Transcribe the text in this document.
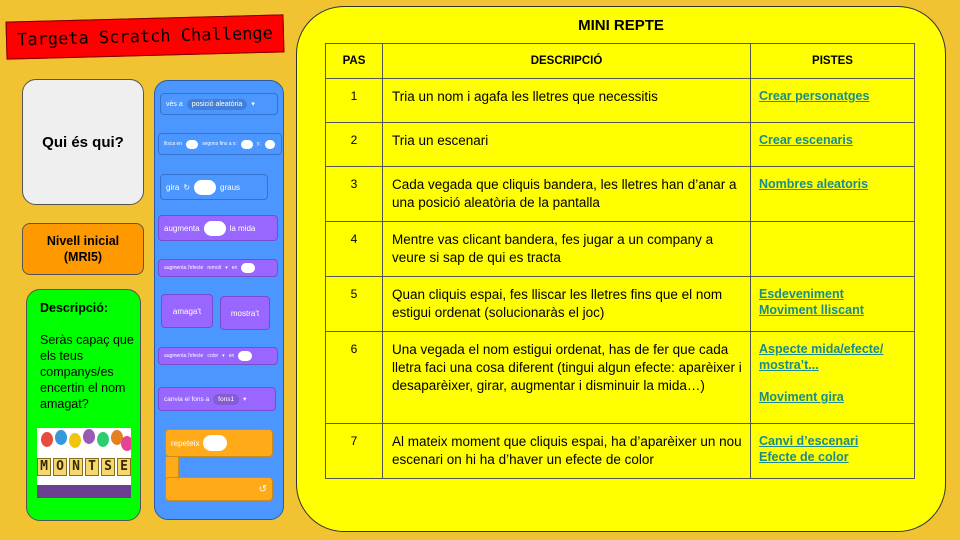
Targeta Scratch Challenge
Qui és qui?
Nivell inicial
(MRI5)
Descripció:
Seràs capaç que els teus companys/es encertin el nom amagat?
M O N T S E
vés a	posició aleatòria	▾
llisca en	segons fins a x:	y:
gira ↻	graus
augmenta	la mida
augmenta l'efecte remolí ▾ en
amaga't	mostra't
augmenta l'efecte color ▾ en
canvia el fons a	fons1	▾
repeteix
↺
MINI REPTE
PAS	DESCRIPCIÓ	PISTES
1	Tria un nom i agafa les lletres que necessitis	Crear personatges

2	Tria un escenari	Crear escenaris

3	Cada vegada que cliquis bandera, les lletres han d’anar a una posició aleatòria de la pantalla	Nombres aleatoris

4	Mentre vas clicant bandera, fes jugar a un company a veure si sap de qui es tracta	
5	Quan cliquis espai, fes lliscar les lletres fins que el nom estigui ordenat (solucionaràs el joc)	Esdeveniment
Moviment lliscant

6	Una vegada el nom estigui ordenat, has de fer que cada lletra faci una cosa diferent (tingui algun efecte: aparèixer i desaparèixer, girar, augmentar i disminuir la mida…)	Aspecte mida/efecte/ mostra’t...
Moviment gira

7	Al mateix moment que cliquis espai, ha d’aparèixer un nou escenari on hi ha d’haver un efecte de color	Canvi d’escenari
Efecte de color
